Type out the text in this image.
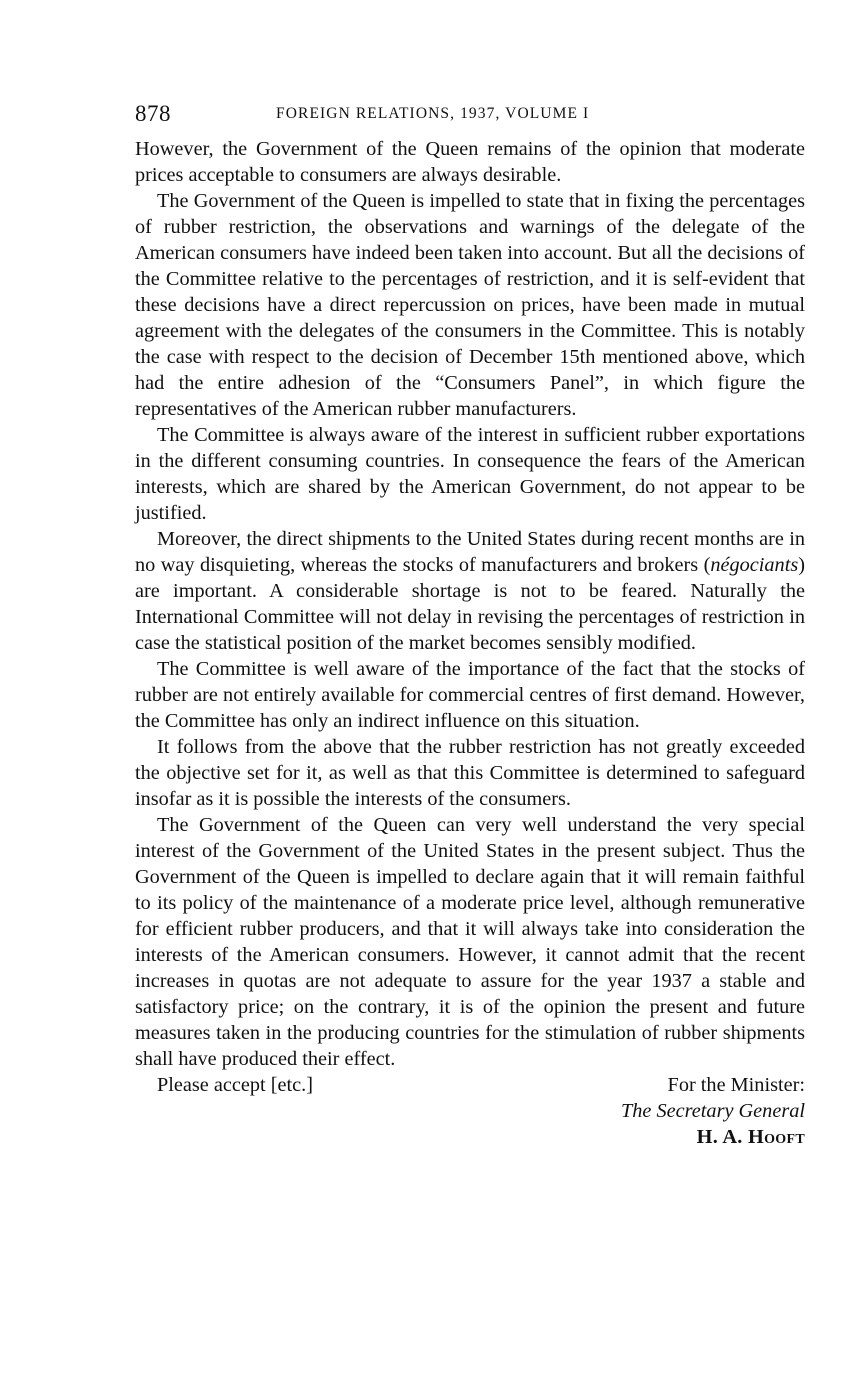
878	FOREIGN RELATIONS, 1937, VOLUME I

However, the Government of the Queen remains of the opinion that moderate prices acceptable to consumers are always desirable.

The Government of the Queen is impelled to state that in fixing the percentages of rubber restriction, the observations and warnings of the delegate of the American consumers have indeed been taken into account. But all the decisions of the Committee relative to the percentages of restriction, and it is self-evident that these decisions have a direct repercussion on prices, have been made in mutual agreement with the delegates of the consumers in the Committee. This is notably the case with respect to the decision of December 15th mentioned above, which had the entire adhesion of the “Consumers Panel”, in which figure the representatives of the American rubber manufacturers.

The Committee is always aware of the interest in sufficient rubber exportations in the different consuming countries. In consequence the fears of the American interests, which are shared by the American Government, do not appear to be justified.

Moreover, the direct shipments to the United States during recent months are in no way disquieting, whereas the stocks of manufacturers and brokers (négociants) are important. A considerable shortage is not to be feared. Naturally the International Committee will not delay in revising the percentages of restriction in case the statistical position of the market becomes sensibly modified.

The Committee is well aware of the importance of the fact that the stocks of rubber are not entirely available for commercial centres of first demand. However, the Committee has only an indirect influence on this situation.

It follows from the above that the rubber restriction has not greatly exceeded the objective set for it, as well as that this Committee is determined to safeguard insofar as it is possible the interests of the consumers.

The Government of the Queen can very well understand the very special interest of the Government of the United States in the present subject. Thus the Government of the Queen is impelled to declare again that it will remain faithful to its policy of the maintenance of a moderate price level, although remunerative for efficient rubber producers, and that it will always take into consideration the interests of the American consumers. However, it cannot admit that the recent increases in quotas are not adequate to assure for the year 1937 a stable and satisfactory price; on the contrary, it is of the opinion the present and future measures taken in the producing countries for the stimulation of rubber shipments shall have produced their effect.

Please accept [etc.]	For the Minister:
The Secretary General
H. A. Hooft
